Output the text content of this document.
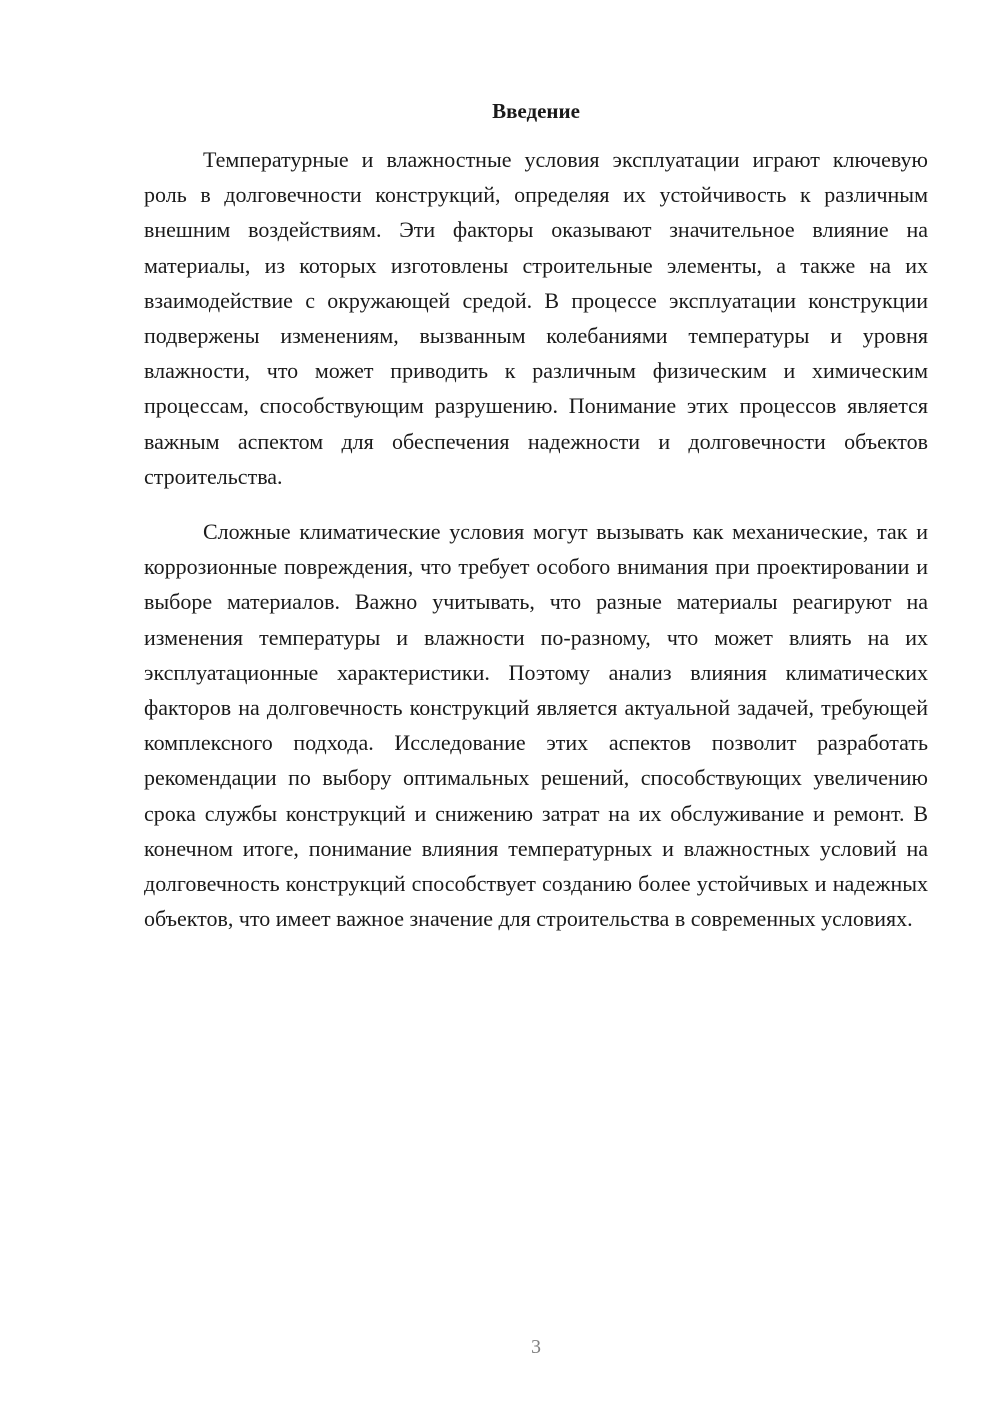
Введение

Температурные и влажностные условия эксплуатации играют ключевую роль в долговечности конструкций, определяя их устойчивость к различным внешним воздействиям. Эти факторы оказывают значительное влияние на материалы, из которых изготовлены строительные элементы, а также на их взаимодействие с окружающей средой. В процессе эксплуатации конструкции подвержены изменениям, вызванным колебаниями температуры и уровня влажности, что может приводить к различным физическим и химическим процессам, способствующим разрушению. Понимание этих процессов является важным аспектом для обеспечения надежности и долговечности объектов строительства.

Сложные климатические условия могут вызывать как механические, так и коррозионные повреждения, что требует особого внимания при проектировании и выборе материалов. Важно учитывать, что разные материалы реагируют на изменения температуры и влажности по-разному, что может влиять на их эксплуатационные характеристики. Поэтому анализ влияния климатических факторов на долговечность конструкций является актуальной задачей, требующей комплексного подхода. Исследование этих аспектов позволит разработать рекомендации по выбору оптимальных решений, способствующих увеличению срока службы конструкций и снижению затрат на их обслуживание и ремонт. В конечном итоге, понимание влияния температурных и влажностных условий на долговечность конструкций способствует созданию более устойчивых и надежных объектов, что имеет важное значение для строительства в современных условиях.

3
